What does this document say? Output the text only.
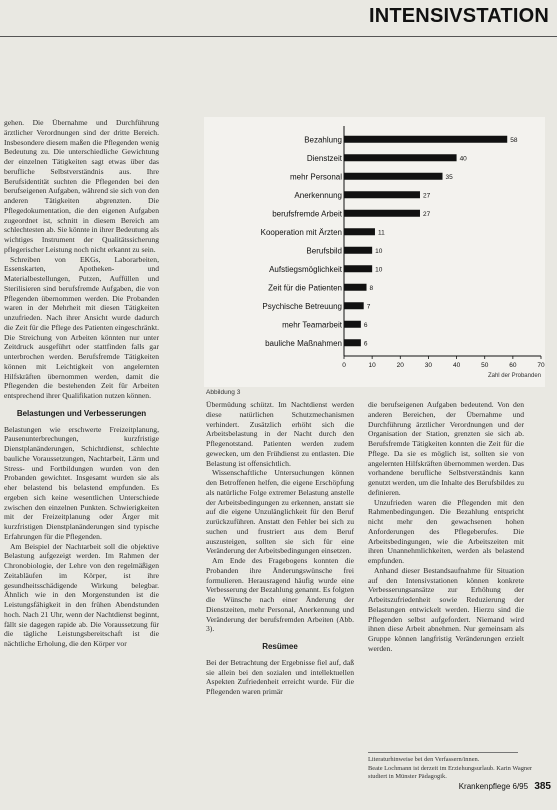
INTENSIVSTATION

gehen. Die Übernahme und Durchführung ärztlicher Verordnungen sind der dritte Bereich. Insbesondere diesem maßen die Pflegenden wenig Bedeutung zu. Die unterschiedliche Gewichtung der einzelnen Tätigkeiten sagt etwas über das berufliche Selbstverständnis aus. Ihre Berufsidentität suchten die Pflegenden bei den berufseigenen Aufgaben, während sie sich von den anderen Tätigkeiten abgrenzten. Die Pflegedokumentation, die den eigenen Aufgaben zugeordnet ist, schnitt in diesem Bereich am schlechtesten ab. Sie könnte in ihrer Bedeutung als wichtiges Instrument der Qualitätssicherung pflegerischer Leistung noch nicht erkannt zu sein.

Schreiben von EKGs, Laborarbeiten, Essenskarten, Apotheken- und Materialbestellungen, Putzen, Auffüllen und Sterilisieren sind berufsfremde Aufgaben, die von Pflegenden übernommen werden. Die Probanden waren in der Mehrheit mit diesen Tätigkeiten unzufrieden. Nach ihrer Ansicht wurde dadurch die Zeit für die Pflege des Patienten eingeschränkt. Die Streichung von Arbeiten könnten nur unter Zeitdruck ausgeführt oder stattfinden falls gar unterbrochen werden. Berufsfremde Tätigkeiten können mit Leichtigkeit von angelernten Hilfskräften übernommen werden, damit die Pflegenden die bestehenden Zeit für Arbeiten entsprechend ihrer Qualifikation nutzen können.

Belastungen und Verbesserungen

Belastungen wie erschwerte Freizeitplanung, Pausenunterbrechungen, kurzfristige Dienstplanänderungen, Schichtdienst, schlechte bauliche Voraussetzungen, Nachtarbeit, Lärm und Stress- und Fortbildungen wurden von den Probanden gewichtet. Insgesamt wurden sie als eher belastend bis belastend empfunden. Es ergeben sich keine wesentlichen Unterschiede zwischen den einzelnen Punkten. Schwierigkeiten mit der Freizeitplanung oder Ärger mit kurzfristigen Dienstplanänderungen sind typische Erfahrungen für die Pflegenden.

Am Beispiel der Nachtarbeit soll die objektive Belastung aufgezeigt werden. Im Rahmen der Chronobiologie, der Lehre von den regelmäßigen Zeitabläufen im Körper, ist ihre gesundheitsschädigende Wirkung belegbar. Ähnlich wie in den Morgenstunden ist die Leistungsfähigkeit in den frühen Abendstunden hoch. Nach 21 Uhr, wenn der Nachtdienst beginnt, fällt sie dagegen rapide ab. Die Voraussetzung für die tägliche Leistungsbereitschaft ist die nächtliche Erholung, die den Körper vor

Bezahlung	58
Dienstzeit	40
mehr Personal	35
Anerkennung	27
berufsfremde Arbeit	27
Kooperation mit Ärzten	11
Berufsbild	10
Aufstiegsmöglichkeit	10
Zeit für die Patienten	8
Psychische Betreuung	7
mehr Teamarbeit	6
bauliche Maßnahmen	6
0	10	20	30	40	50	60	70
Zahl der Probanden
Abbildung 3

Übermüdung schützt. Im Nachtdienst werden diese natürlichen Schutzmechanismen verhindert. Zusätzlich erhöht sich die Arbeitsbelastung in der Nacht durch den Pflegenotstand. Patienten werden zudem gewecken, um den Frühdienst zu entlasten. Die Belastung ist offensichtlich.

Wissenschaftliche Untersuchungen können den Betroffenen helfen, die eigene Erschöpfung als natürliche Folge extremer Belastung anstelle der Arbeitsbedingungen zu erkennen, anstatt sie auf die eigene Unzulänglichkeit für den Beruf zurückzuführen. Anstatt den Fehler bei sich zu suchen und frustriert aus dem Beruf auszusteigen, sollten sie sich für eine Veränderung der Arbeitsbedingungen einsetzen.

Am Ende des Fragebogens konnten die Probanden ihre Änderungswünsche frei formulieren. Herausragend häufig wurde eine Verbesserung der Bezahlung genannt. Es folgten die Wünsche nach einer Änderung der Dienstzeiten, mehr Personal, Anerkennung und Veränderung der berufsfremden Arbeiten (Abb. 3).

Resümee

Bei der Betrachtung der Ergebnisse fiel auf, daß sie allein bei den sozialen und intellektuellen Aspekten Zufriedenheit erreicht wurde. Für die Pflegenden waren primär

die berufseigenen Aufgaben bedeutend. Von den anderen Bereichen, der Übernahme und Durchführung ärztlicher Verordnungen und der Organisation der Station, grenzten sie sich ab. Berufsfremde Tätigkeiten konnten die Zeit für die Pflege. Da sie es möglich ist, sollten sie von angelernten Hilfskräften übernommen werden. Das vorhandene berufliche Selbstverständnis kann genutzt werden, um die Inhalte des Berufsbildes zu definieren.

Unzufrieden waren die Pflegenden mit den Rahmenbedingungen. Die Bezahlung entspricht nicht mehr den gewachsenen hohen Anforderungen des Pflegeberufes. Die Arbeitsbedingungen, wie die Arbeitszeiten mit ihren Unannehmlichkeiten, werden als belastend empfunden.

Anhand dieser Bestandsaufnahme für Situation auf den Intensivstationen können konkrete Verbesserungsansätze zur Erhöhung der Arbeitszufriedenheit sowie Reduzierung der Belastungen entwickelt werden. Hierzu sind die Pflegenden selbst aufgefordert. Niemand wird ihnen diese Arbeit abnehmen. Nur gemeinsam als Gruppe können langfristig Veränderungen erzielt werden.

Literaturhinweise bei den Verfassern/innen.
Beate Lochmann ist derzeit im Erziehungsurlaub. Karin Wagner studiert in Münster Pädagogik.
Krankenpflege 6/95 385
